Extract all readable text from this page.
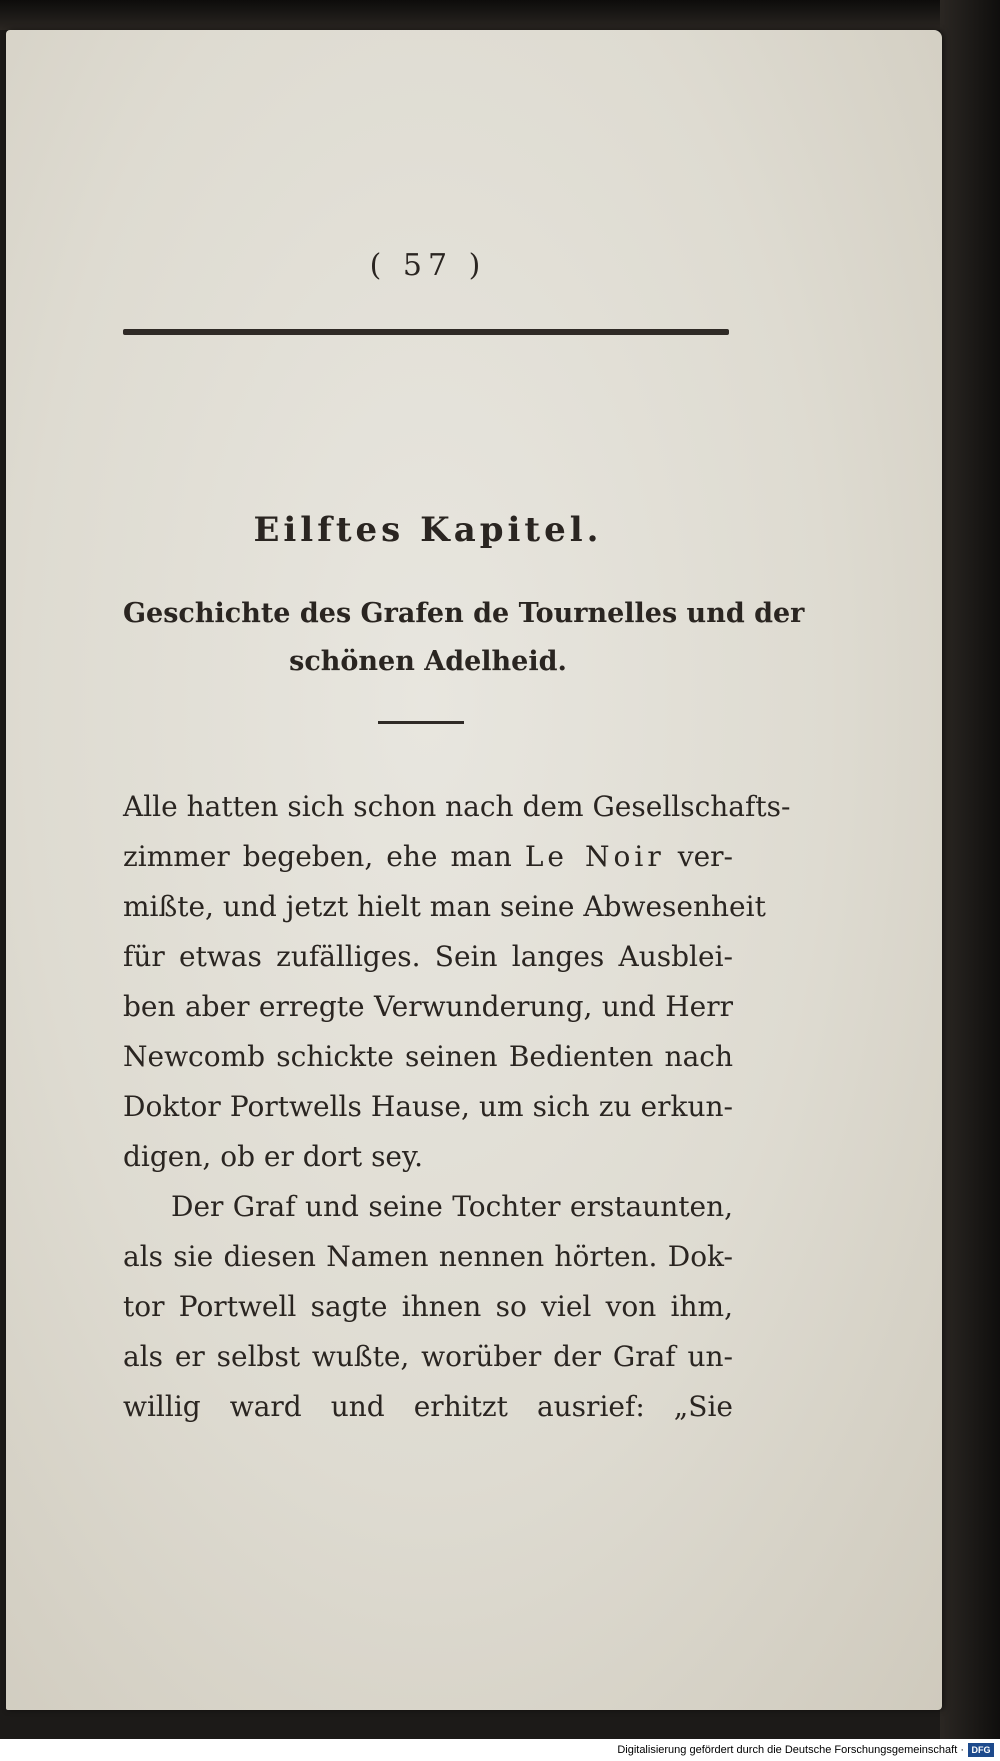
( 57 )
Eilftes Kapitel.
Geschichte des Grafen de Tournelles und der
schönen Adelheid.
Alle hatten sich schon nach dem Gesellschafts-
zimmer begeben, ehe man Le Noir ver-
mißte, und jetzt hielt man seine Abwesenheit
für etwas zufälliges. Sein langes Ausblei-
ben aber erregte Verwunderung, und Herr
Newcomb schickte seinen Bedienten nach
Doktor Portwells Hause, um sich zu erkun-
digen, ob er dort sey.
Der Graf und seine Tochter erstaunten,
als sie diesen Namen nennen hörten. Dok-
tor Portwell sagte ihnen so viel von ihm,
als er selbst wußte, worüber der Graf un-
willig ward und erhitzt ausrief: „Sie
Digitalisierung gefördert durch die Deutsche Forschungsgemeinschaft · DFG
